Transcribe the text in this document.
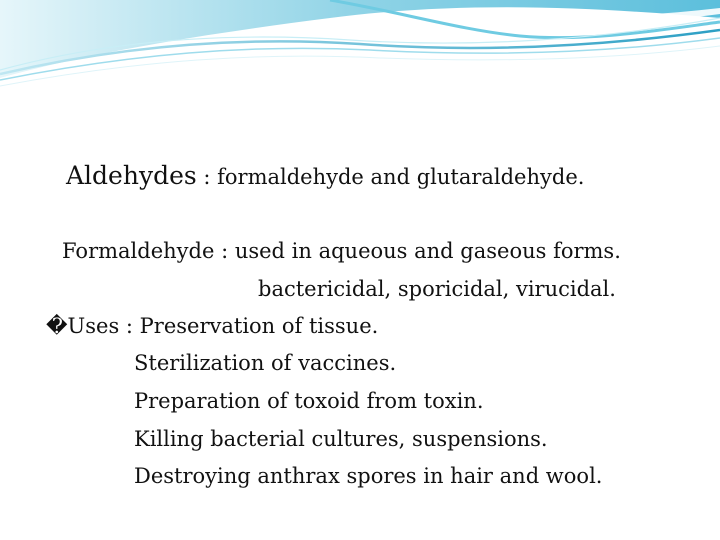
Aldehydes : formaldehyde and glutaraldehyde.
Formaldehyde : used in aqueous and gaseous forms.
bactericidal, sporicidal, virucidal.
�Uses : Preservation of tissue.
Sterilization of vaccines.
Preparation of toxoid from toxin.
Killing bacterial cultures, suspensions.
Destroying anthrax spores in hair and wool.
